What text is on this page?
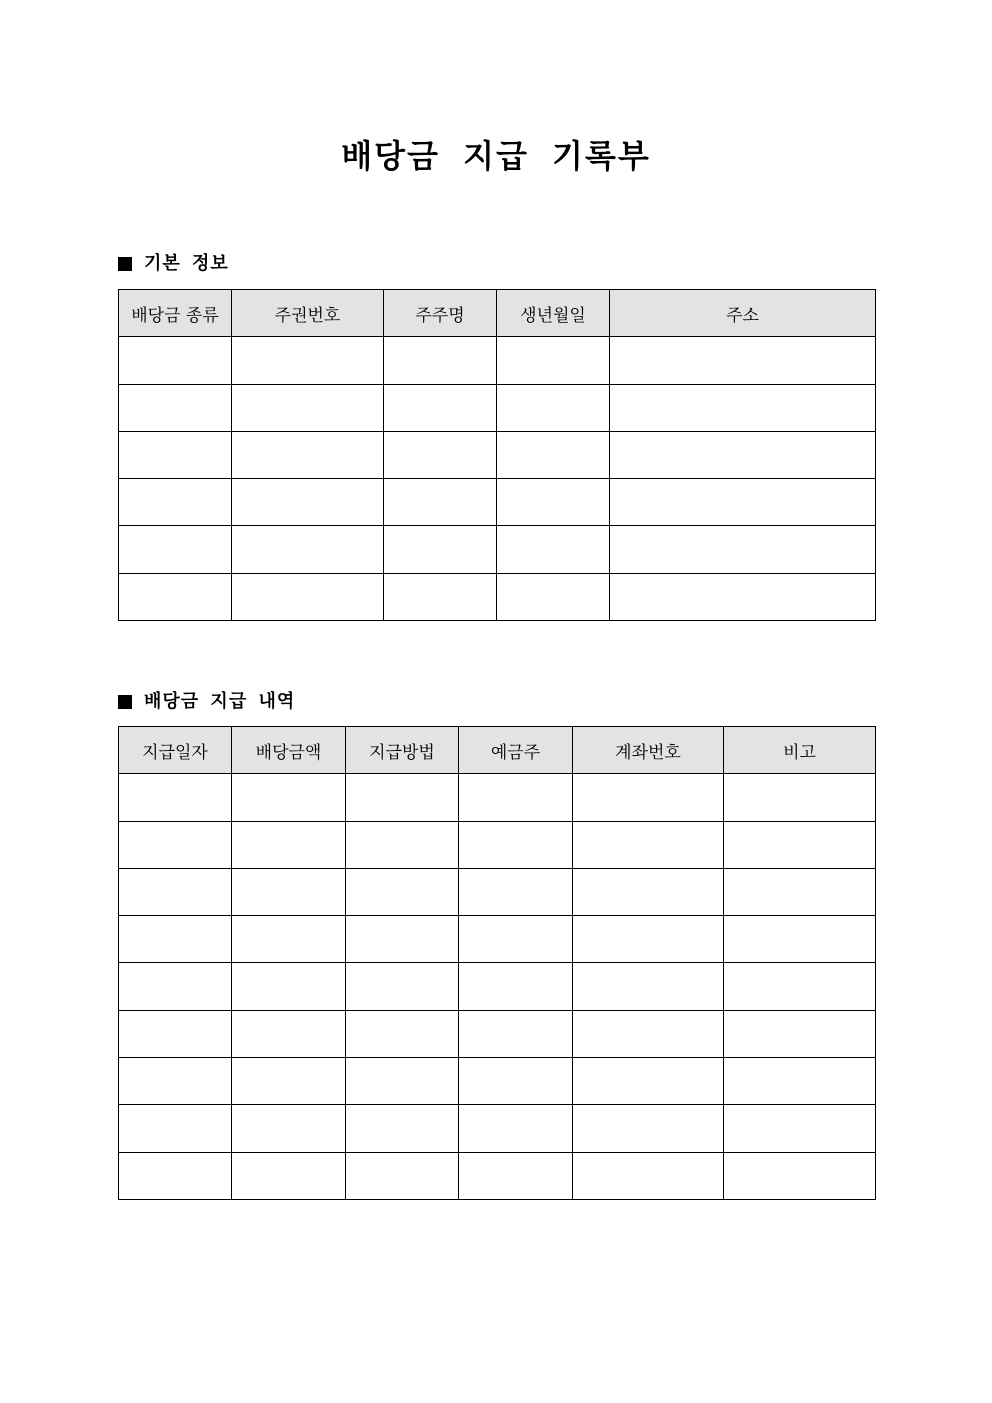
배당금 지급 기록부
기본 정보
배당금 종류	주권번호	주주명	생년월일	주소

배당금 지급 내역
지급일자	배당금액	지급방법	예금주	계좌번호	비고
